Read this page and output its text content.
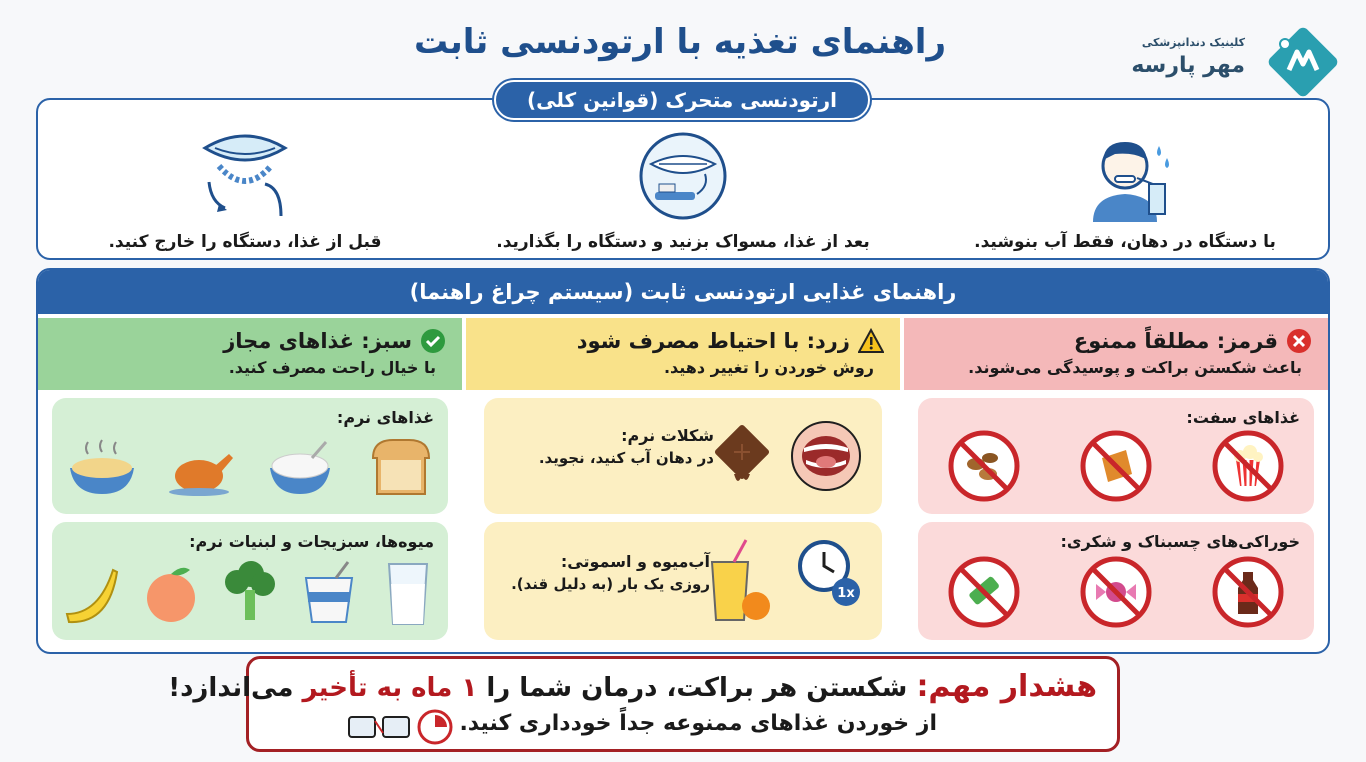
راهنمای تغذیه با ارتودنسی ثابت	کلینیک دندانپزشکی
مهر پارسه
ارتودنسی متحرک (قوانین کلی)
با دستگاه در دهان، فقط آب بنوشید.
بعد از غذا، مسواک بزنید و دستگاه را بگذارید.
قبل از غذا، دستگاه را خارج کنید.
راهنمای غذایی ارتودنسی ثابت (سیستم چراغ راهنما)
قرمز: مطلقاً ممنوع
باعث شکستن براکت و پوسیدگی می‌شوند.
زرد: با احتیاط مصرف شود
روش خوردن را تغییر دهید.
سبز: غذاهای مجاز
با خیال راحت مصرف کنید.
غذاهای سفت:
خوراکی‌های چسبناک و شکری:
شکلات نرم:
در دهان آب کنید، نجوید.
آب‌میوه و اسموتی:
روزی یک بار (به دلیل قند).
1x
غذاهای نرم:
میوه‌ها، سبزیجات و لبنیات نرم:
هشدار مهم: شکستن هر براکت، درمان شما را ۱ ماه به تأخیر می‌اندازد!
از خوردن غذاهای ممنوعه جداً خودداری کنید.
